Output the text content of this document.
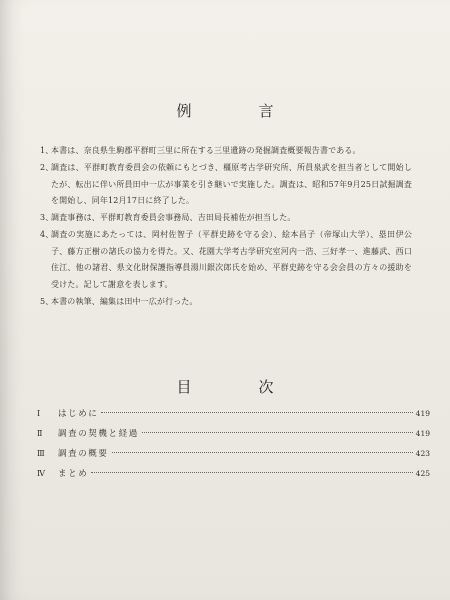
例　言
1、
本書は、奈良県生駒郡平群町三里に所在する三里遺跡の発掘調査概要報告書である。
2、
調査は、平群町教育委員会の依頼にもとづき、橿原考古学研究所、所員泉武を担当者として開始したが、転出に伴い所員田中一広が事業を引き継いで実施した。調査は、昭和57年9月25日試掘調査を開始し、同年12月17日に終了した。
3、
調査事務は、平群町教育委員会事務局、吉田局長補佐が担当した。
4、
調査の実施にあたっては、岡村佐智子（平群史跡を守る会）、絵本昌子（帝塚山大学）、塁田伊公子、藤方正樹の諸氏の協力を得た。又、花園大学考古学研究室河内一浩、三好孝一、進藤武、西口住江、他の諸君、県文化財保護指導員湯川銀次郎氏を始め、平群史跡を守る会会員の方々の援助を受けた。記して謝意を表します。
5、
本書の執筆、編集は田中一広が行った。
目　次
Ⅰ	はじめに	419
Ⅱ	調査の契機と経過	419
Ⅲ	調査の概要	423
Ⅳ	まとめ	425
